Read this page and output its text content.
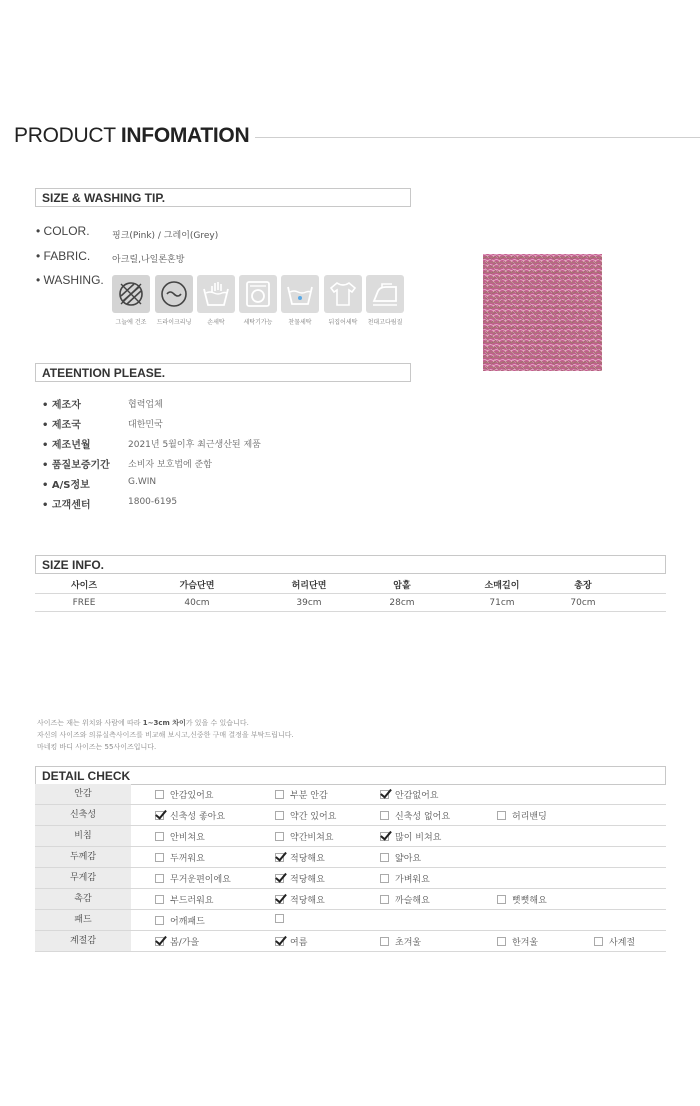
PRODUCT INFOMATION
SIZE & WASHING TIP.
• COLOR. 핑크(Pink) / 그레이(Grey)
• FABRIC. 아크릴,나일론혼방
• WASHING.
그늘에 건조	드라이크리닝	손세탁	세탁기가능	찬물세탁	뒤집어세탁	천대고다림질
ATEENTION PLEASE.
• 제조자	협력업체
• 제조국	대한민국
• 제조년월	2021년 5월이후 최근생산된 제품
• 품질보증기간 소비자 보호법에 준함
• A/S정보	G.WIN
• 고객센터	1800-6195
SIZE INFO.
사이즈	가슴단면	허리단면	암홀	소매길이	총장
FREE	40cm	39cm	28cm	71cm	70cm
사이즈는 재는 위치와 사람에 따라 1~3cm 차이가 있을 수 있습니다.
자신의 사이즈와 의류실측사이즈를 비교해 보시고,신중한 구매 결정을 부탁드립니다.
마네킹 바디 사이즈는 55사이즈입니다.
DETAIL CHECK
안감	안감있어요	부분 안감	안감없어요
신축성	신축성 좋아요	약간 있어요	신축성 없어요	허리밴딩
비침	안비쳐요	약간비쳐요	많이 비쳐요
두께감	두꺼워요	적당해요	얇아요
무게감	무거운편이에요	적당해요	가벼워요
촉감	부드러워요	적당해요	까슬해요	뻣뻣해요
패드	어깨패드
계절감	봄/가을	여름	초겨울	한겨울	사계절
